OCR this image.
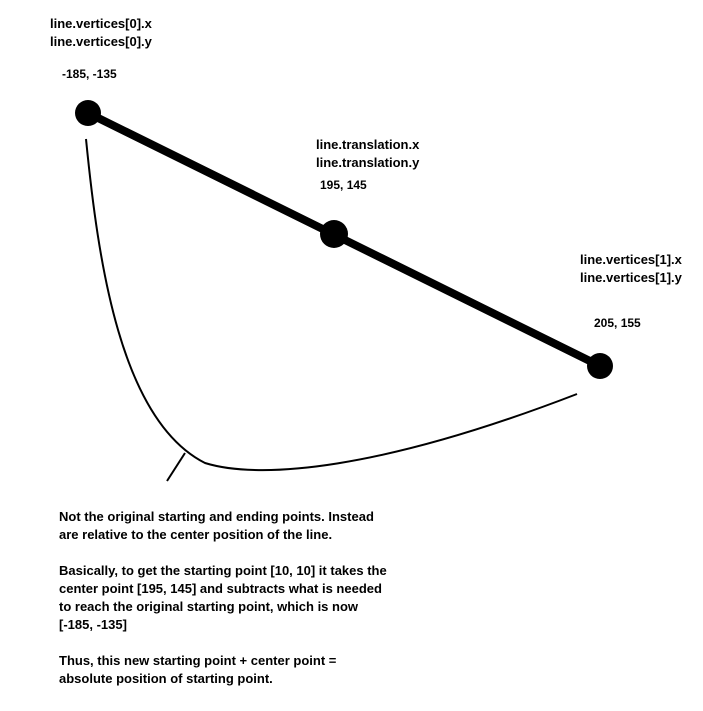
line.vertices[0].x
line.vertices[0].y
-185, -135
line.translation.x
line.translation.y
195, 145
line.vertices[1].x
line.vertices[1].y
205, 155

Not the original starting and ending points. Instead are relative to the center position of the line.

Basically, to get the starting point [10, 10] it takes the center point [195, 145] and subtracts what is needed to reach the original starting point, which is now [-185, -135]

Thus, this new starting point + center point = absolute position of starting point.
